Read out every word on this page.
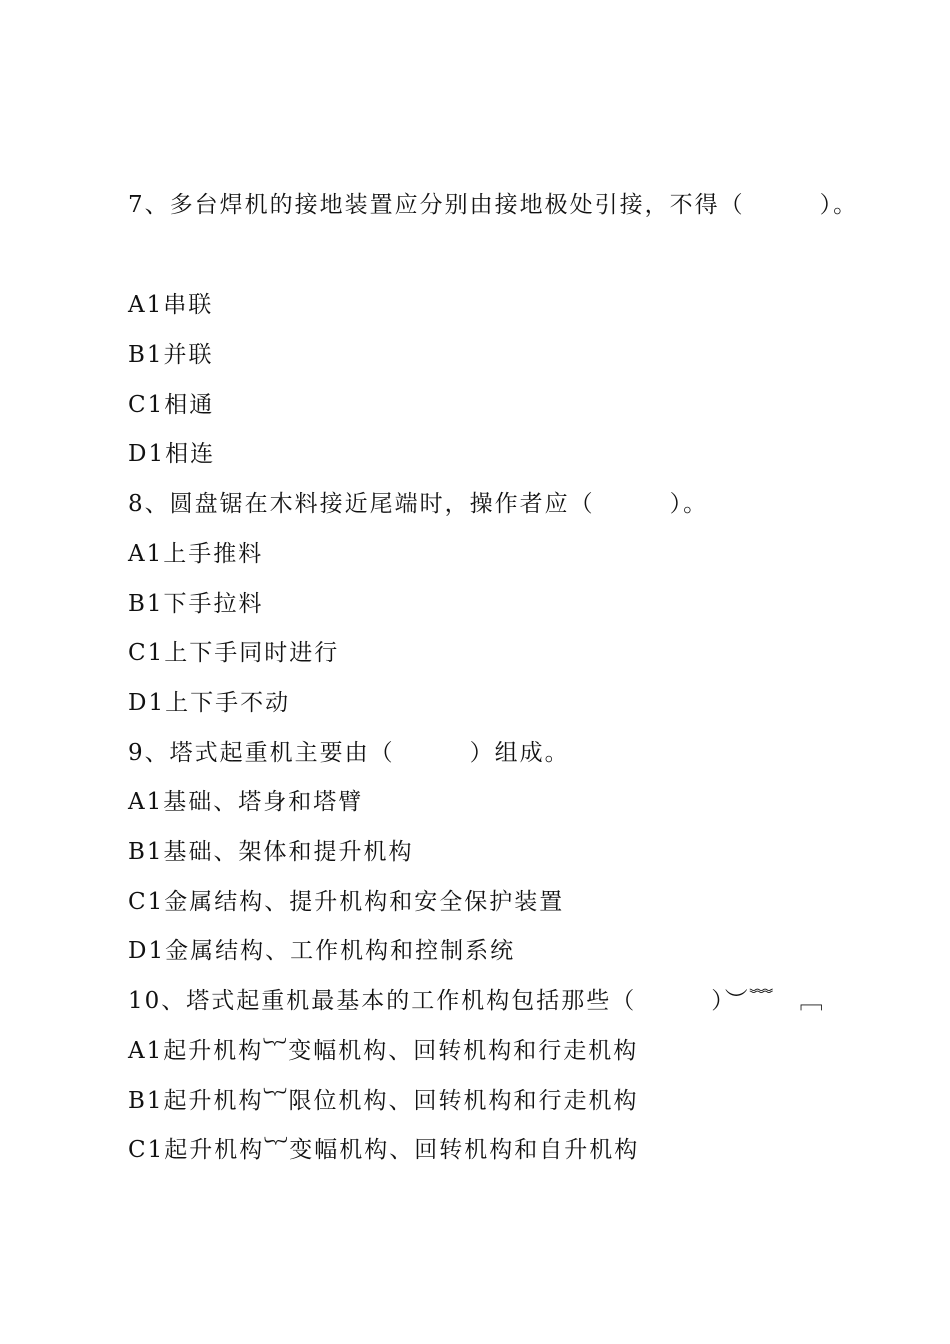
7、多台焊机的接地装置应分别由接地极处引接，不得（　　　）。
A1串联
B1并联
C1相通
D1相连
8、圆盘锯在木料接近尾端时，操作者应（　　　）。
A1上手推料
B1下手拉料
C1上下手同时进行
D1上下手不动
9、塔式起重机主要由（　　　）组成。
A1基础、塔身和塔臂
B1基础、架体和提升机构
C1金属结构、提升机构和安全保护装置
D1金属结构、工作机构和控制系统
10、塔式起重机最基本的工作机构包括那些（　　　）︶﹌　﹇
A1起升机构︸变幅机构、回转机构和行走机构
B1起升机构︸限位机构、回转机构和行走机构
C1起升机构︸变幅机构、回转机构和自升机构
